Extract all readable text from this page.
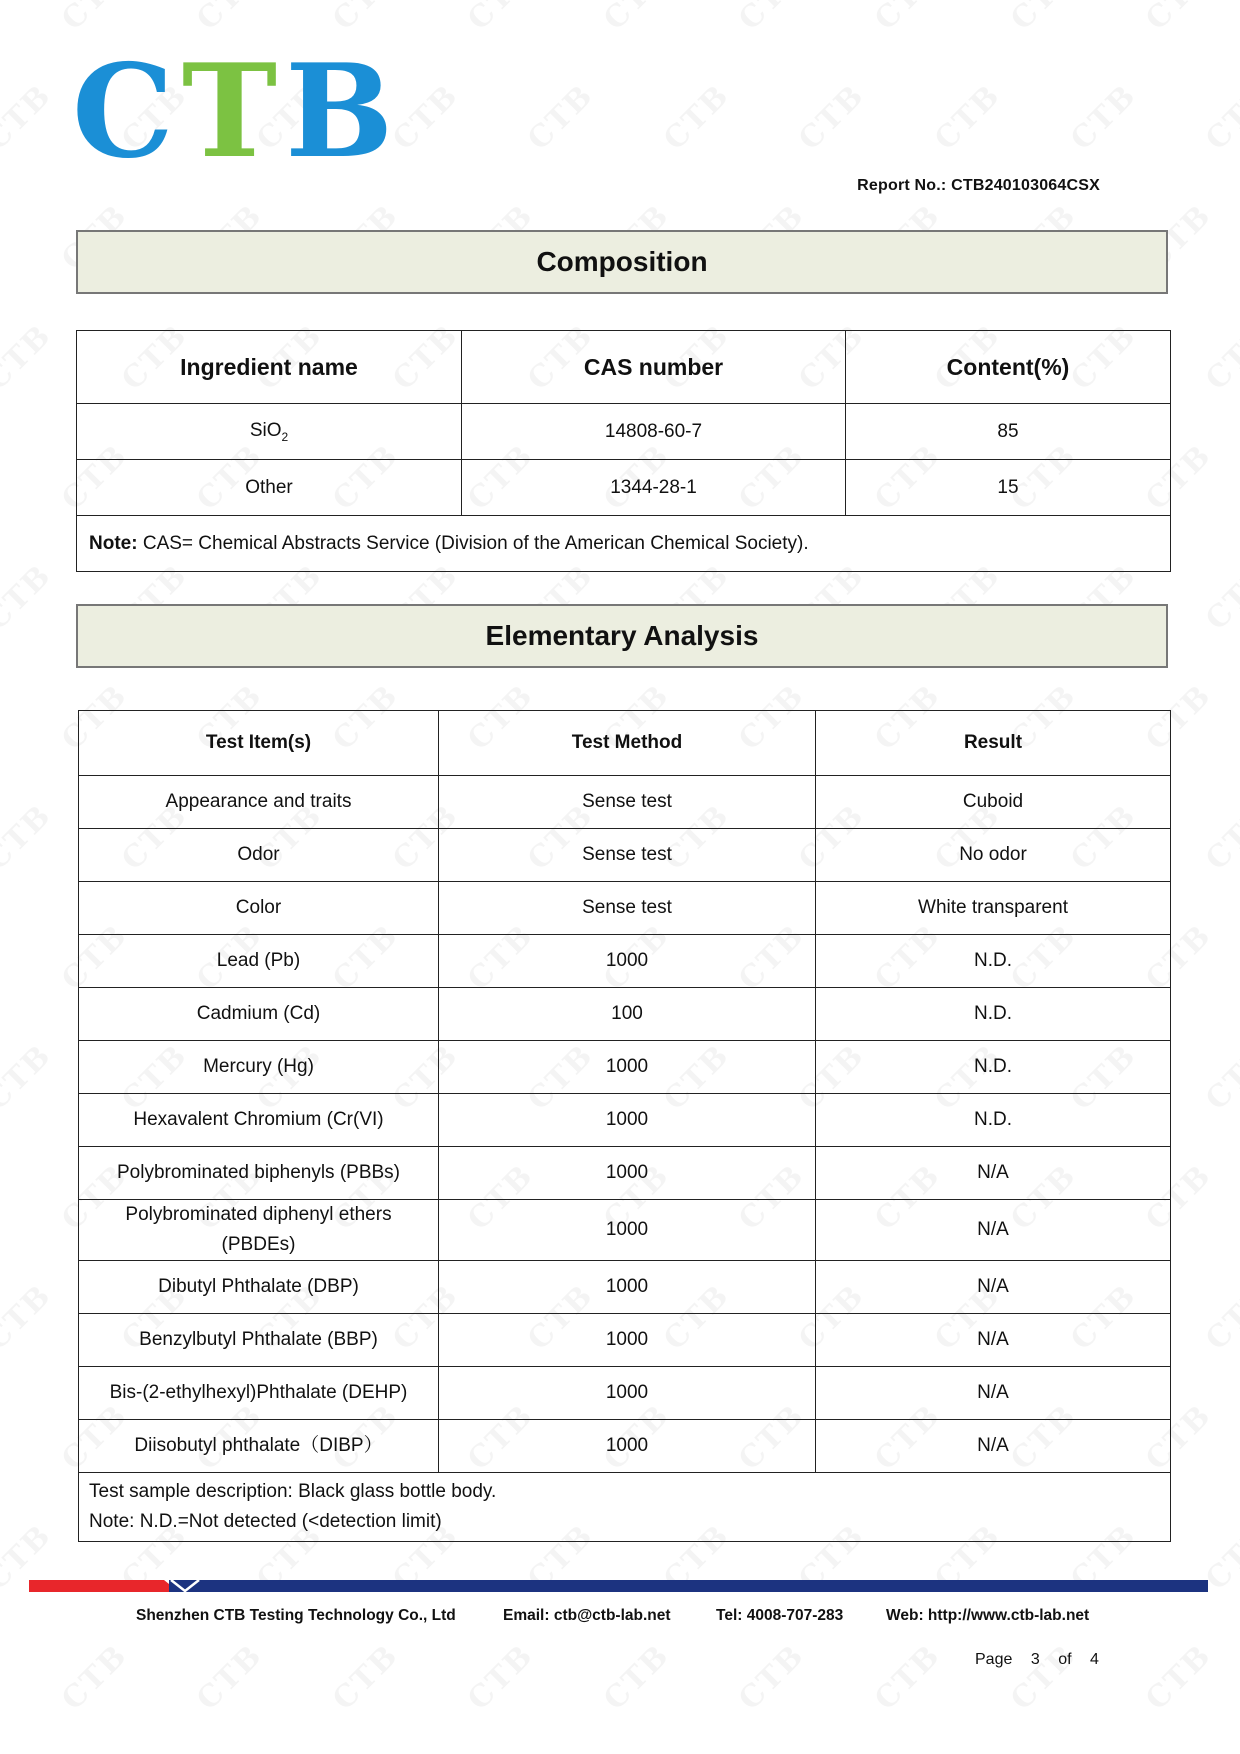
CTB	Report No.: CTB240103064CSX
Composition
Ingredient name	CAS number	Content(%)
SiO$_2$	14808-60-7	85
Other	1344-28-1	15
Note: CAS= Chemical Abstracts Service (Division of the American Chemical Society).		
Elementary Analysis
Test Item(s)	Test Method	Result
Appearance and traits	Sense test	Cuboid
Odor	Sense test	No odor
Color	Sense test	White transparent
Lead (Pb)	1000	N.D.
Cadmium (Cd)	100	N.D.
Mercury (Hg)	1000	N.D.
Hexavalent Chromium (Cr(VI)	1000	N.D.
Polybrominated biphenyls (PBBs)	1000	N/A
Polybrominated diphenyl ethers (PBDEs)	1000	N/A
Dibutyl Phthalate (DBP)	1000	N/A
Benzylbutyl Phthalate (BBP)	1000	N/A
Bis-(2-ethylhexyl)Phthalate (DEHP)	1000	N/A
Diisobutyl phthalate（DIBP）	1000	N/A

Test sample description: Black glass bottle body.
Note: N.D.=Not detected (<detection limit)		
Shenzhen CTB Testing Technology Co., Ltd	Email: ctb@ctb-lab.net	Tel: 4008-707-283	Web: http://www.ctb-lab.net
Page 3 of 4
